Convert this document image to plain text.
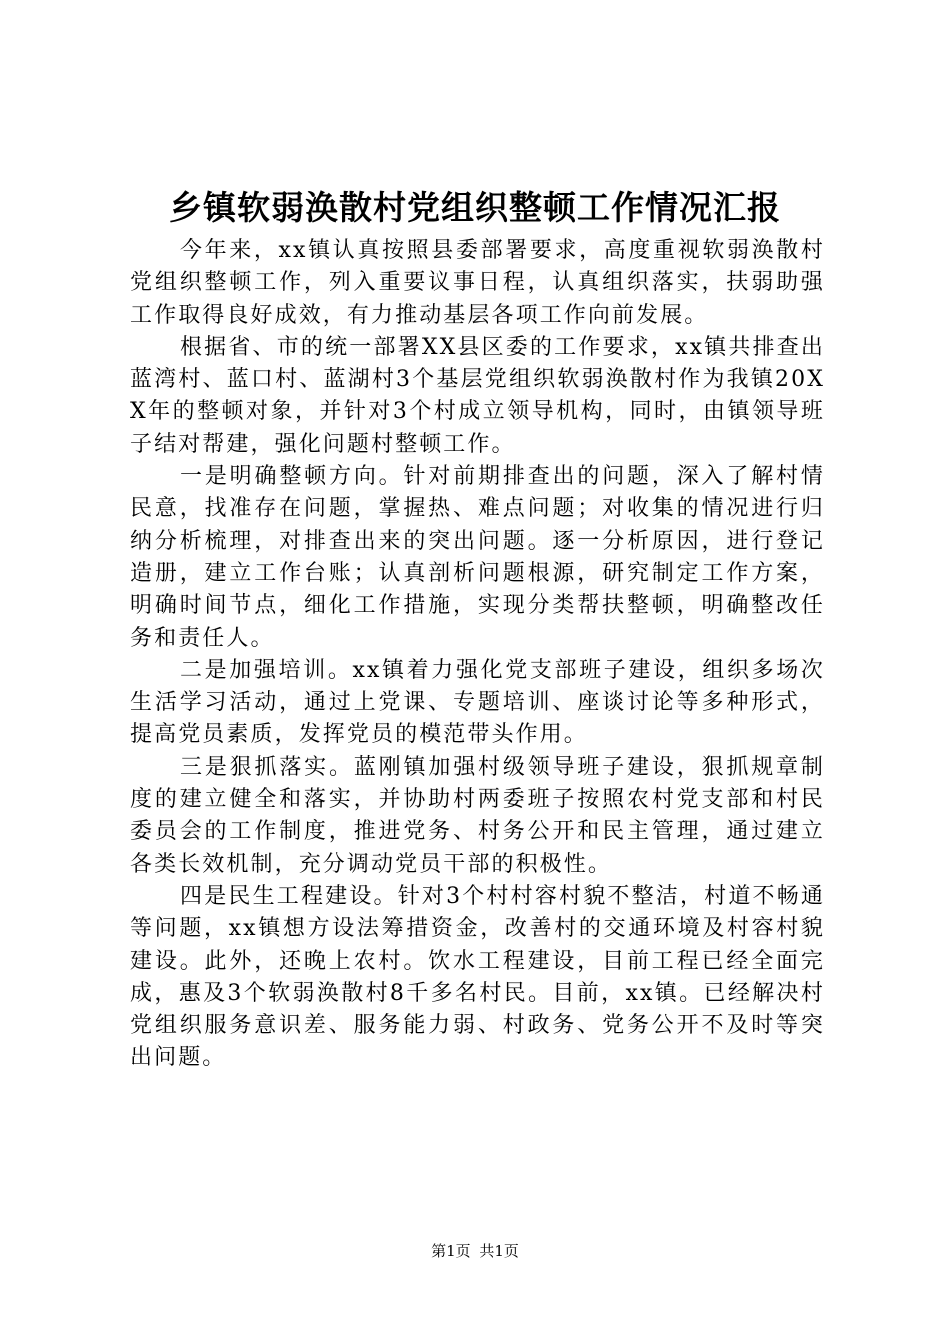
乡镇软弱涣散村党组织整顿工作情况汇报

今年来，xx镇认真按照县委部署要求，高度重视软弱涣散村党组织整顿工作，列入重要议事日程，认真组织落实，扶弱助强工作取得良好成效，有力推动基层各项工作向前发展。

根据省、市的统一部署XX县区委的工作要求，xx镇共排查出蓝湾村、蓝口村、蓝湖村3个基层党组织软弱涣散村作为我镇20XX年的整顿对象，并针对3个村成立领导机构，同时，由镇领导班子结对帮建，强化问题村整顿工作。

一是明确整顿方向。针对前期排查出的问题，深入了解村情民意，找准存在问题，掌握热、难点问题；对收集的情况进行归纳分析梳理，对排查出来的突出问题。逐一分析原因，进行登记造册，建立工作台账；认真剖析问题根源，研究制定工作方案，明确时间节点，细化工作措施，实现分类帮扶整顿，明确整改任务和责任人。

二是加强培训。xx镇着力强化党支部班子建设，组织多场次生活学习活动，通过上党课、专题培训、座谈讨论等多种形式，提高党员素质，发挥党员的模范带头作用。

三是狠抓落实。蓝刚镇加强村级领导班子建设，狠抓规章制度的建立健全和落实，并协助村两委班子按照农村党支部和村民委员会的工作制度，推进党务、村务公开和民主管理，通过建立各类长效机制，充分调动党员干部的积极性。

四是民生工程建设。针对3个村村容村貌不整洁，村道不畅通等问题，xx镇想方设法筹措资金，改善村的交通环境及村容村貌建设。此外，还晚上农村。饮水工程建设，目前工程已经全面完成，惠及3个软弱涣散村8千多名村民。目前，xx镇。已经解决村党组织服务意识差、服务能力弱、村政务、党务公开不及时等突出问题。

第1页 共1页
